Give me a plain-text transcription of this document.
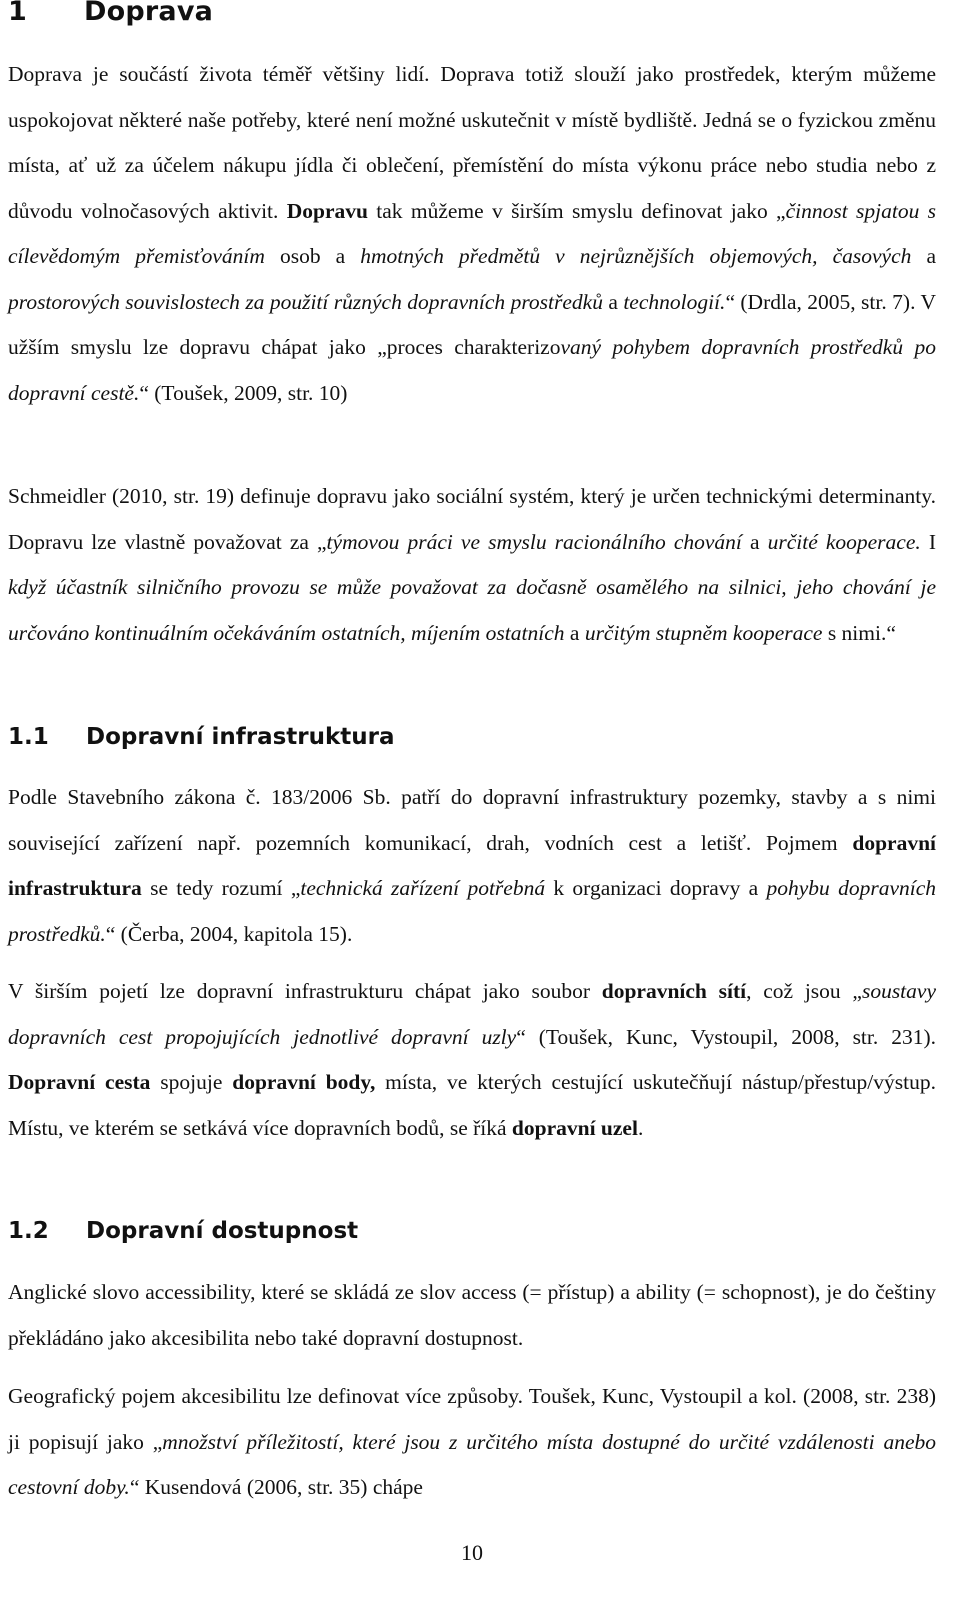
1 Doprava

Doprava je součástí života téměř většiny lidí. Doprava totiž slouží jako prostředek, kterým můžeme uspokojovat některé naše potřeby, které není možné uskutečnit v místě bydliště. Jedná se o fyzickou změnu místa, ať už za účelem nákupu jídla či oblečení, přemístění do místa výkonu práce nebo studia nebo z důvodu volnočasových aktivit. Dopravu tak můžeme v širším smyslu definovat jako „činnost spjatou s cílevědomým přemisťováním osob a hmotných předmětů v nejrůznějších objemových, časových a prostorových souvislostech za použití různých dopravních prostředků a technologií.“ (Drdla, 2005, str. 7). V užším smyslu lze dopravu chápat jako „proces charakterizovaný pohybem dopravních prostředků po dopravní cestě.“ (Toušek, 2009, str. 10)

Schmeidler (2010, str. 19) definuje dopravu jako sociální systém, který je určen technickými determinanty. Dopravu lze vlastně považovat za „týmovou práci ve smyslu racionálního chování a určité kooperace. I když účastník silničního provozu se může považovat za dočasně osamělého na silnici, jeho chování je určováno kontinuálním očekáváním ostatních, míjením ostatních a určitým stupněm kooperace s nimi.“

1.1 Dopravní infrastruktura

Podle Stavebního zákona č. 183/2006 Sb. patří do dopravní infrastruktury pozemky, stavby a s nimi související zařízení např. pozemních komunikací, drah, vodních cest a letišť. Pojmem dopravní infrastruktura se tedy rozumí „technická zařízení potřebná k organizaci dopravy a pohybu dopravních prostředků.“ (Čerba, 2004, kapitola 15).

V širším pojetí lze dopravní infrastrukturu chápat jako soubor dopravních sítí, což jsou „soustavy dopravních cest propojujících jednotlivé dopravní uzly“ (Toušek, Kunc, Vystoupil, 2008, str. 231). Dopravní cesta spojuje dopravní body, místa, ve kterých cestující uskutečňují nástup/přestup/výstup. Místu, ve kterém se setkává více dopravních bodů, se říká dopravní uzel.

1.2 Dopravní dostupnost

Anglické slovo accessibility, které se skládá ze slov access (= přístup) a ability (= schopnost), je do češtiny překládáno jako akcesibilita nebo také dopravní dostupnost.

Geografický pojem akcesibilitu lze definovat více způsoby. Toušek, Kunc, Vystoupil a kol. (2008, str. 238) ji popisují jako „množství příležitostí, které jsou z určitého místa dostupné do určité vzdálenosti anebo cestovní doby.“ Kusendová (2006, str. 35) chápe

10
